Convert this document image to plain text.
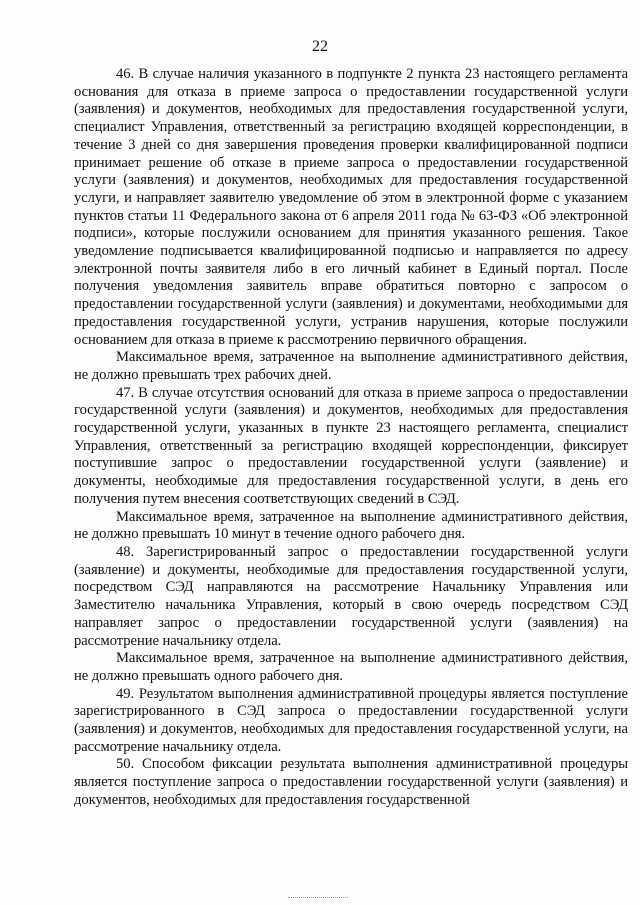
22

46. В случае наличия указанного в подпункте 2 пункта 23 настоящего регламента основания для отказа в приеме запроса о предоставлении государственной услуги (заявления) и документов, необходимых для предоставления государственной услуги, специалист Управления, ответственный за регистрацию входящей корреспонденции, в течение 3 дней со дня завершения проведения проверки квалифицированной подписи принимает решение об отказе в приеме запроса о предоставлении государственной услуги (заявления) и документов, необходимых для предоставления государственной услуги, и направляет заявителю уведомление об этом в электронной форме с указанием пунктов статьи 11 Федерального закона от 6 апреля 2011 года № 63-ФЗ «Об электронной подписи», которые послужили основанием для принятия указанного решения. Такое уведомление подписывается квалифицированной подписью и направляется по адресу электронной почты заявителя либо в его личный кабинет в Единый портал. После получения уведомления заявитель вправе обратиться повторно с запросом о предоставлении государственной услуги (заявления) и документами, необходимыми для предоставления государственной услуги, устранив нарушения, которые послужили основанием для отказа в приеме к рассмотрению первичного обращения.

Максимальное время, затраченное на выполнение административного действия, не должно превышать трех рабочих дней.

47. В случае отсутствия оснований для отказа в приеме запроса о предоставлении государственной услуги (заявления) и документов, необходимых для предоставления государственной услуги, указанных в пункте 23 настоящего регламента, специалист Управления, ответственный за регистрацию входящей корреспонденции, фиксирует поступившие запрос о предоставлении государственной услуги (заявление) и документы, необходимые для предоставления государственной услуги, в день его получения путем внесения соответствующих сведений в СЭД.

Максимальное время, затраченное на выполнение административного действия, не должно превышать 10 минут в течение одного рабочего дня.

48. Зарегистрированный запрос о предоставлении государственной услуги (заявление) и документы, необходимые для предоставления государственной услуги, посредством СЭД направляются на рассмотрение Начальнику Управления или Заместителю начальника Управления, который в свою очередь посредством СЭД направляет запрос о предоставлении государственной услуги (заявления) на рассмотрение начальнику отдела.

Максимальное время, затраченное на выполнение административного действия, не должно превышать одного рабочего дня.

49. Результатом выполнения административной процедуры является поступление зарегистрированного в СЭД запроса о предоставлении государственной услуги (заявления) и документов, необходимых для предоставления государственной услуги, на рассмотрение начальнику отдела.

50. Способом фиксации результата выполнения административной процедуры является поступление запроса о предоставлении государственной услуги (заявления) и документов, необходимых для предоставления государственной
